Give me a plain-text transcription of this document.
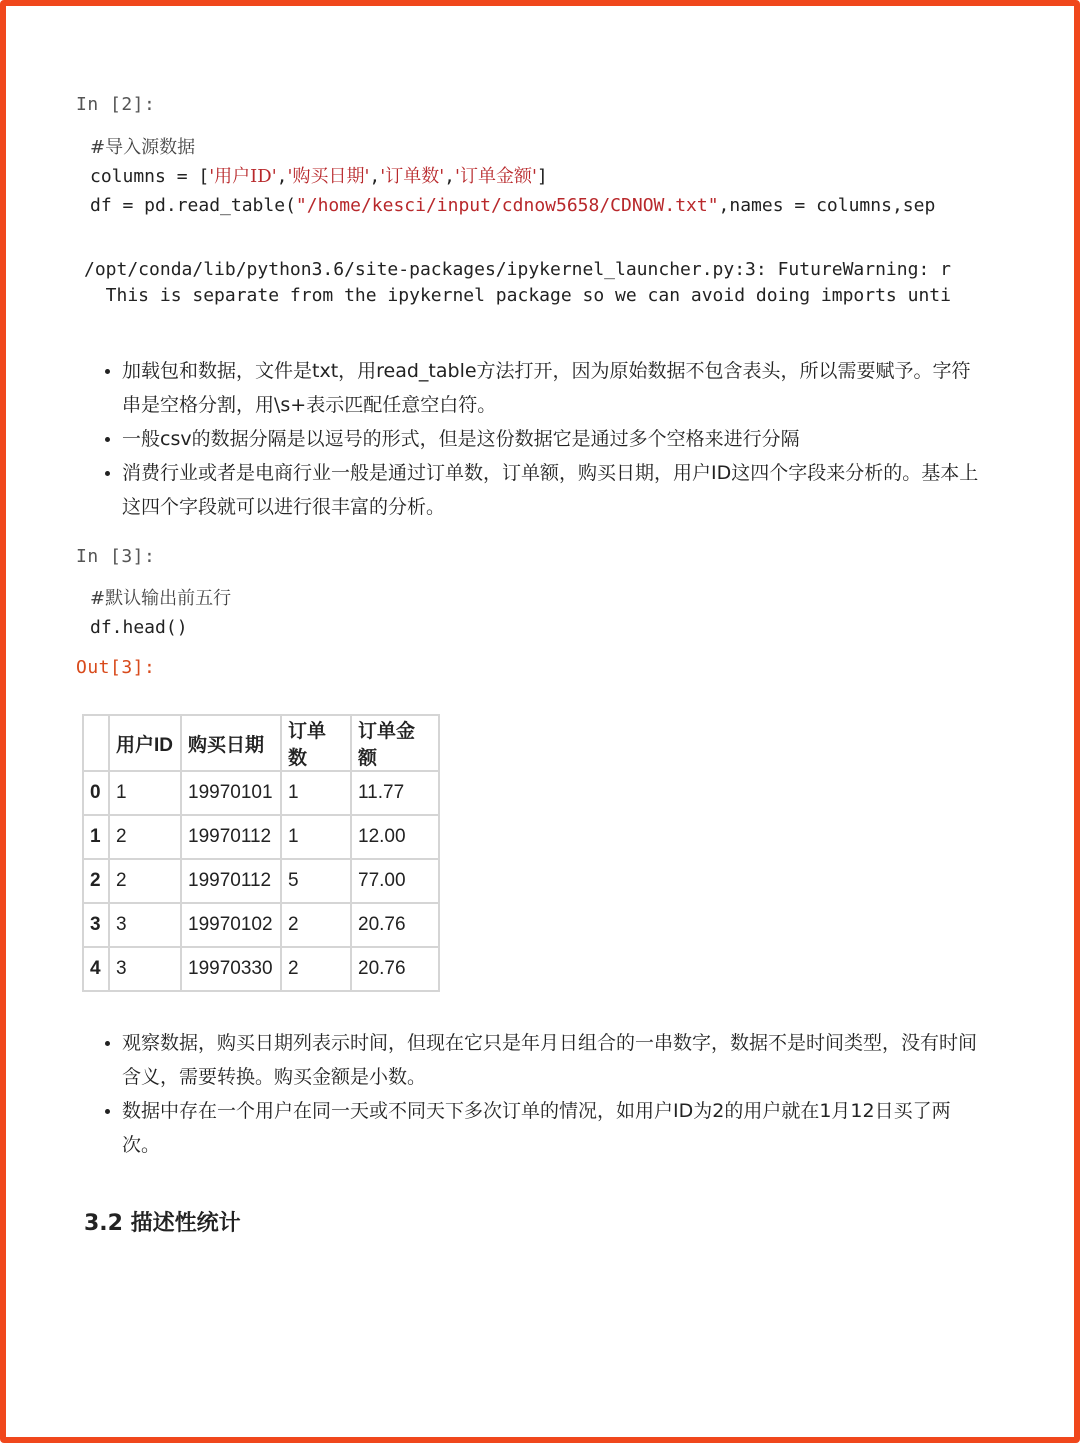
In [2]:
#导入源数据
columns = ['用户ID','购买日期','订单数','订单金额']
df = pd.read_table("/home/kesci/input/cdnow5658/CDNOW.txt",names = columns,sep
/opt/conda/lib/python3.6/site-packages/ipykernel_launcher.py:3: FutureWarning: r
This is separate from the ipykernel package so we can avoid doing imports unti
• 加载包和数据，文件是txt，用read_table方法打开，因为原始数据不包含表头，所以需要赋予。字符串是空格分割，用\s+表示匹配任意空白符。
• 一般csv的数据分隔是以逗号的形式，但是这份数据它是通过多个空格来进行分隔
• 消费行业或者是电商行业一般是通过订单数，订单额，购买日期，用户ID这四个字段来分析的。基本上这四个字段就可以进行很丰富的分析。
In [3]:
#默认输出前五行
df.head()
Out[3]:
	用户ID	购买日期	订单数	订单金额
0	1	19970101	1	11.77
1	2	19970112	1	12.00
2	2	19970112	5	77.00
3	3	19970102	2	20.76
4	3	19970330	2	20.76
• 观察数据，购买日期列表示时间，但现在它只是年月日组合的一串数字，数据不是时间类型，没有时间含义，需要转换。购买金额是小数。
• 数据中存在一个用户在同一天或不同天下多次订单的情况，如用户ID为2的用户就在1月12日买了两次。
3.2 描述性统计
